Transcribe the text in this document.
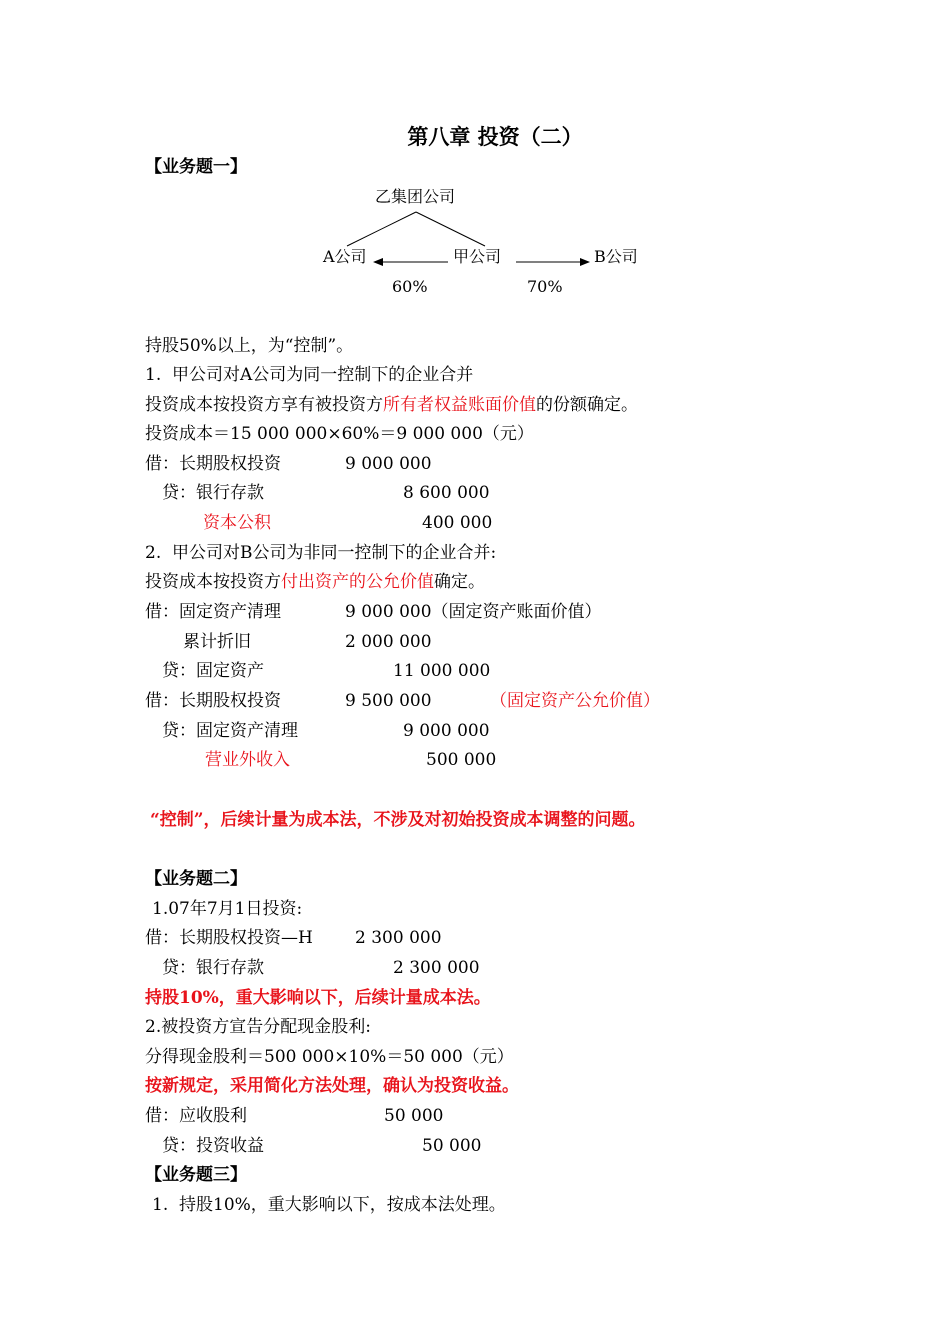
第八章 投资（二）
【业务题一】
乙集团公司
A公司	甲公司	B公司
60%	70%
持股50%以上，为“控制”。
1.  甲公司对A公司为同一控制下的企业合并
投资成本按投资方享有被投资方所有者权益账面价值的份额确定。
投资成本＝15 000 000×60%＝9 000 000（元）
借：长期股权投资	9 000 000
贷：银行存款	8 600 000
资本公积	400 000
2.  甲公司对B公司为非同一控制下的企业合并:
投资成本按投资方付出资产的公允价值确定。
借：固定资产清理	9 000 000（固定资产账面价值）
累计折旧	2 000 000
贷：固定资产	11 000 000
借：长期股权投资	9 500 000	（固定资产公允价值）
贷：固定资产清理	9 000 000
营业外收入	500 000
“控制”，后续计量为成本法，不涉及对初始投资成本调整的问题。
【业务题二】
1.07年7月1日投资:
借：长期股权投资—H 2 300 000
贷：银行存款	2 300 000
持股10%，重大影响以下，后续计量成本法。
2.被投资方宣告分配现金股利:
分得现金股利＝500 000×10%＝50 000（元）
按新规定，采用简化方法处理，确认为投资收益。
借：应收股利	50 000
贷：投资收益	50 000
【业务题三】
1.  持股10%，重大影响以下，按成本法处理。
